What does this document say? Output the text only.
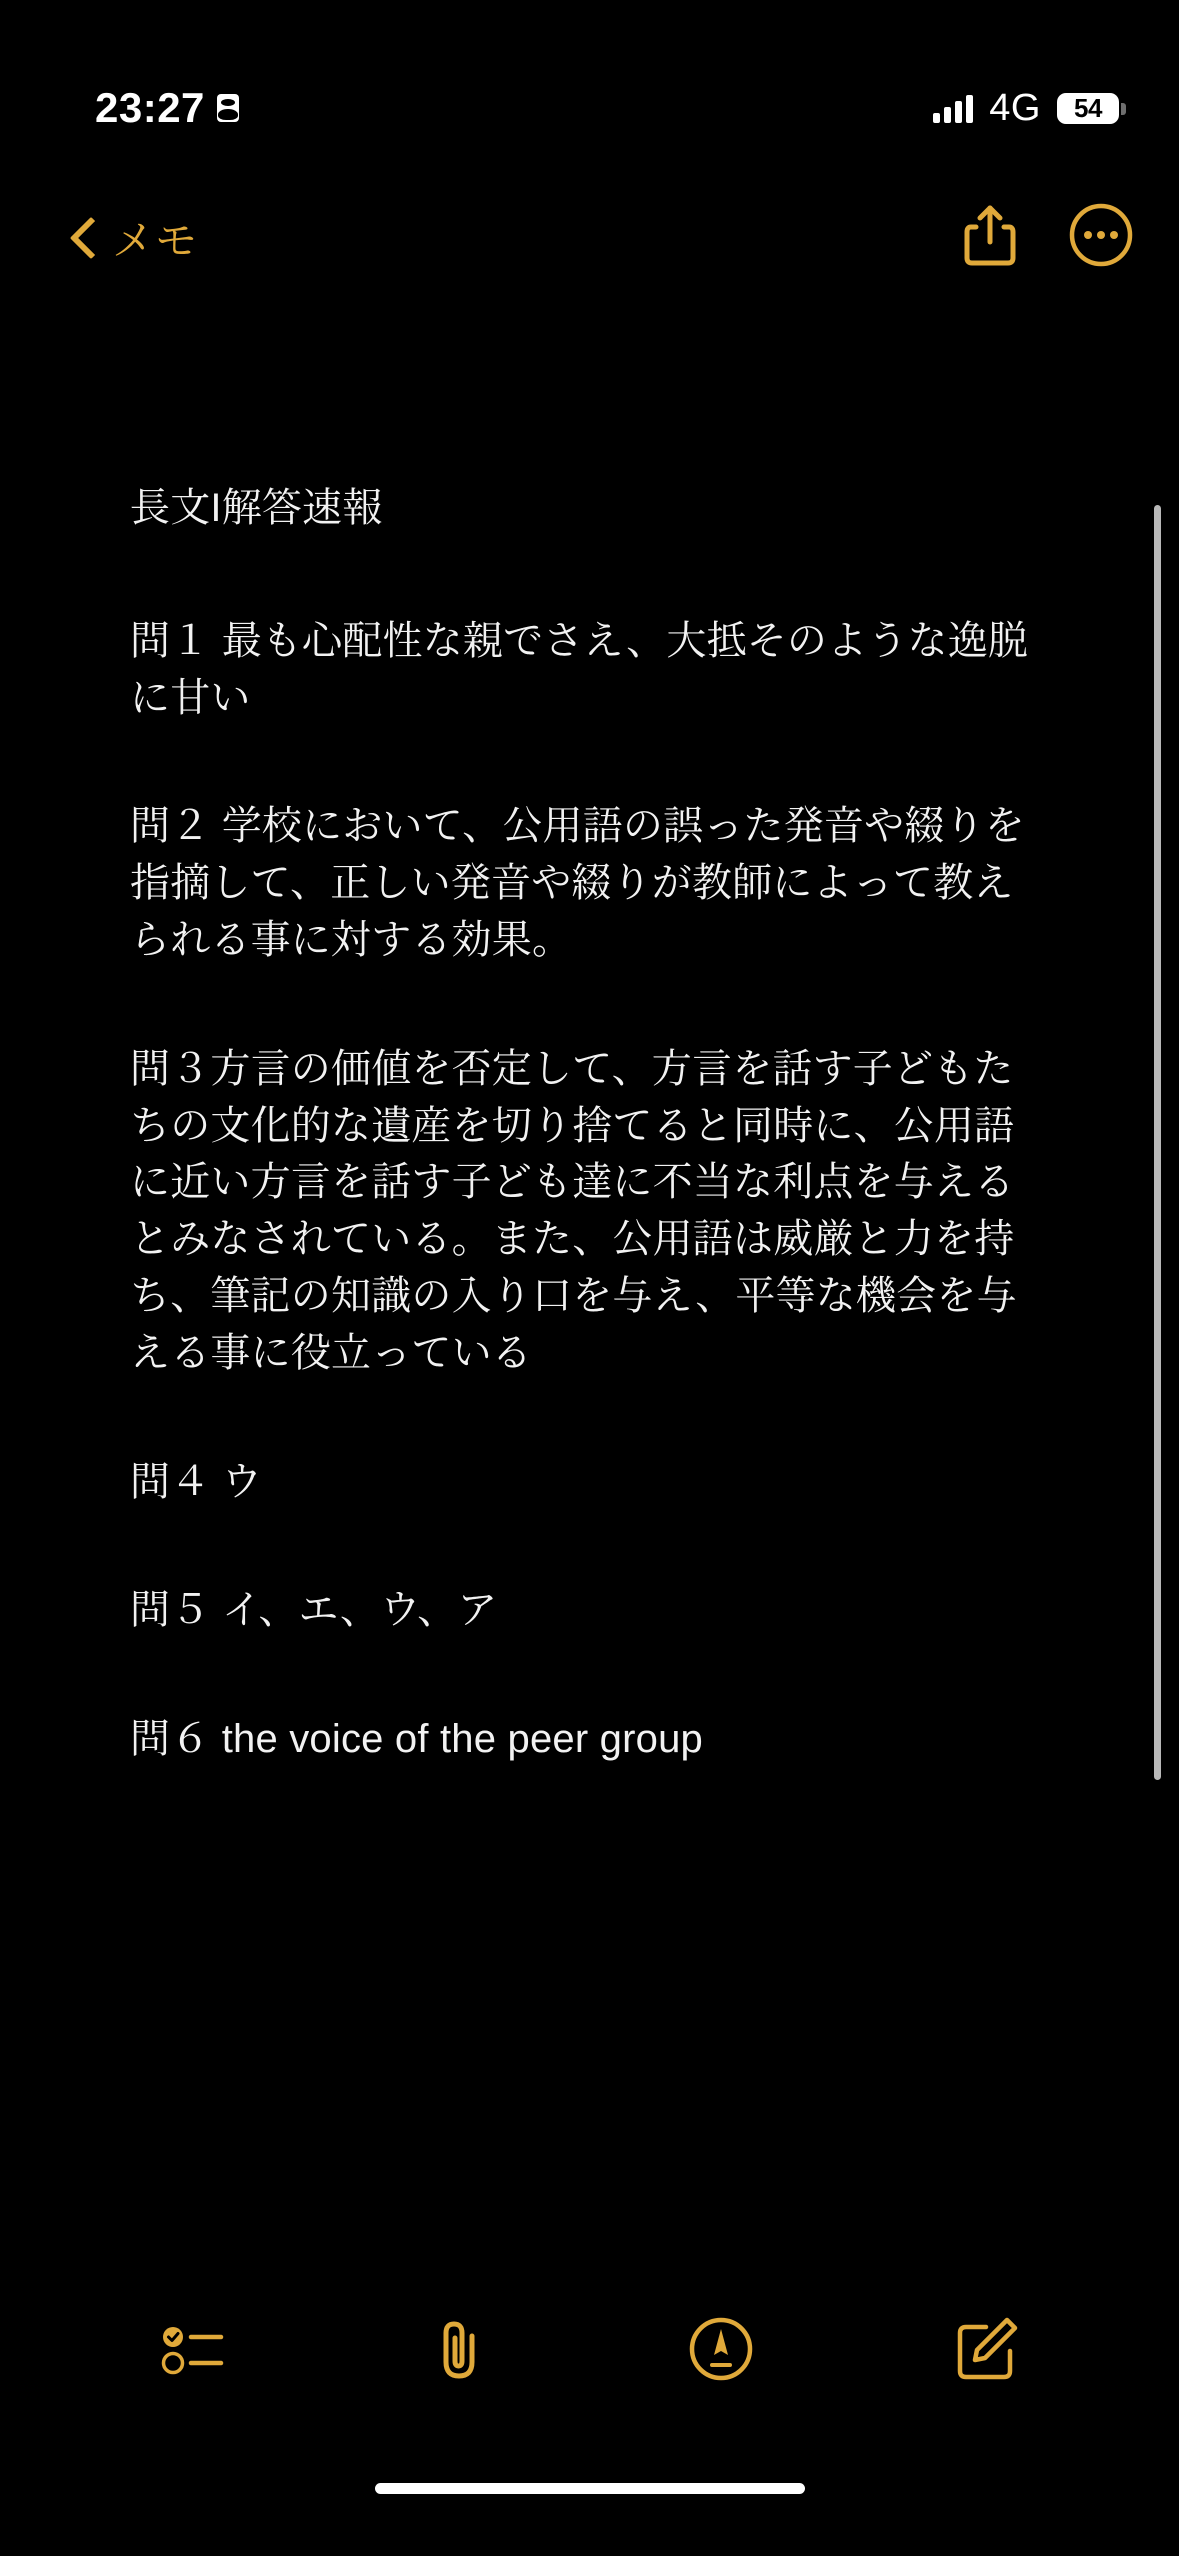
23:27	4G 54
メモ

長文I解答速報

問１ 最も心配性な親でさえ、大抵そのような逸脱に甘い

問２ 学校において、公用語の誤った発音や綴りを指摘して、正しい発音や綴りが教師によって教えられる事に対する効果。

問３方言の価値を否定して、方言を話す子どもたちの文化的な遺産を切り捨てると同時に、公用語に近い方言を話す子ども達に不当な利点を与えるとみなされている。また、公用語は威厳と力を持ち、筆記の知識の入り口を与え、平等な機会を与える事に役立っている

問４ ウ

問５ イ、エ、ウ、ア

問６ the voice of the peer group
